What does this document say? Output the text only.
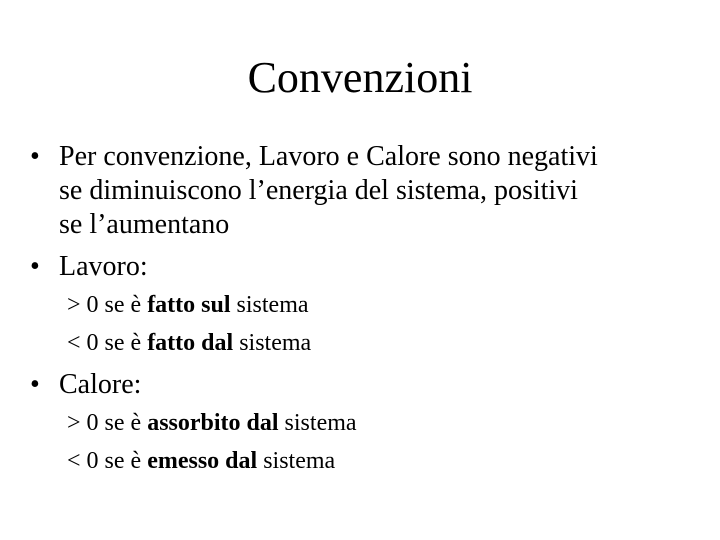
Convenzioni
• Per convenzione, Lavoro e Calore sono negativi
se diminuiscono l’energia del sistema, positivi
se l’aumentano
• Lavoro:
> 0 se è fatto sul sistema
< 0 se è fatto dal sistema
• Calore:
> 0 se è assorbito dal sistema
< 0 se è emesso dal sistema
